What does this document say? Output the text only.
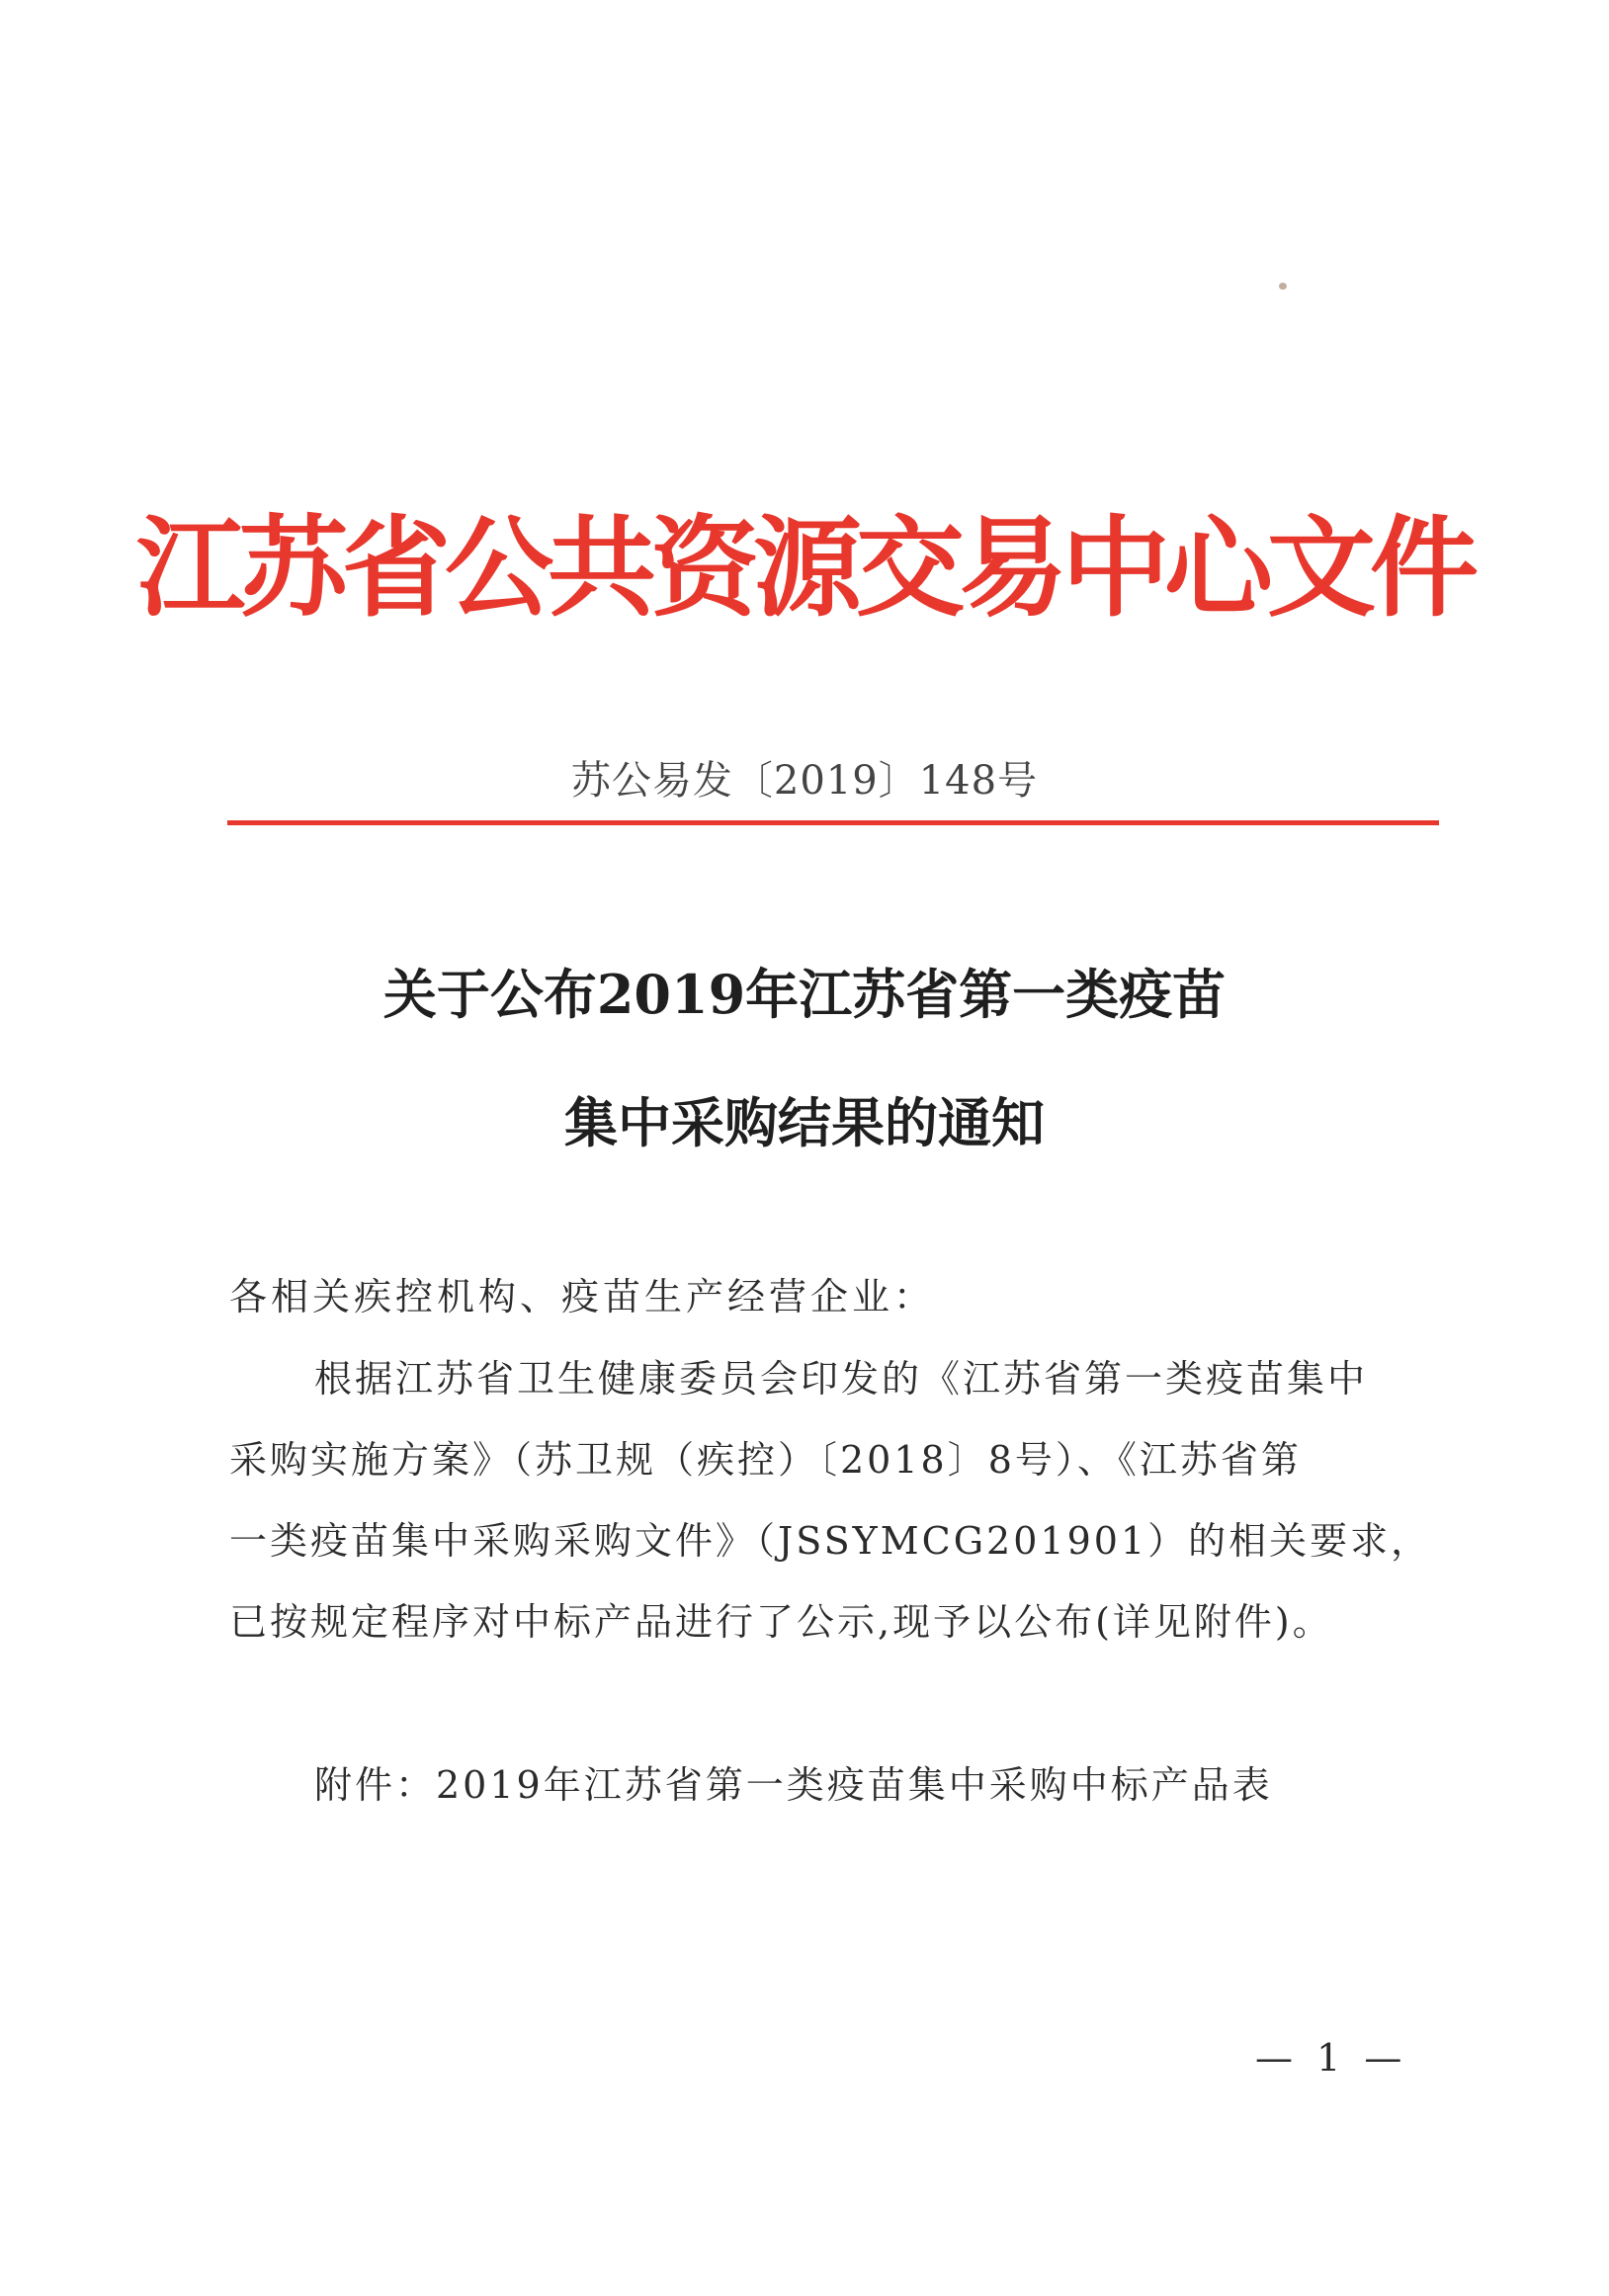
江苏省公共资源交易中心文件
苏公易发〔2019〕148号
关于公布2019年江苏省第一类疫苗
集中采购结果的通知
各相关疾控机构、疫苗生产经营企业：
根据江苏省卫生健康委员会印发的《江苏省第一类疫苗集中
采购实施方案》（苏卫规（疾控）〔2018〕8号）、《江苏省第
一类疫苗集中采购采购文件》（JSSYMCG201901）的相关要求，
已按规定程序对中标产品进行了公示,现予以公布(详见附件)。
附件：2019年江苏省第一类疫苗集中采购中标产品表
— 1 —
